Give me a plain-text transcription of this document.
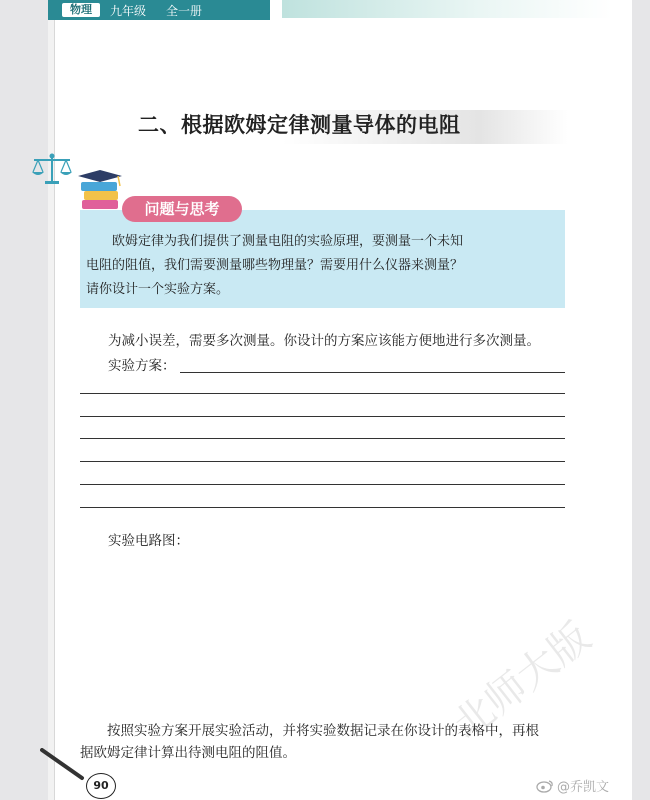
物理	九年级 全一册
二、根据欧姆定律测量导体的电阻
问题与思考

欧姆定律为我们提供了测量电阻的实验原理，要测量一个未知

电阻的阻值，我们需要测量哪些物理量？需要用什么仪器来测量？

请你设计一个实验方案。

为减小误差，需要多次测量。你设计的方案应该能方便地进行多次测量。
实验方案：
实验电路图：
北师大版
按照实验方案开展实验活动，并将实验数据记录在你设计的表格中，再根
据欧姆定律计算出待测电阻的阻值。
90	@乔凯文
